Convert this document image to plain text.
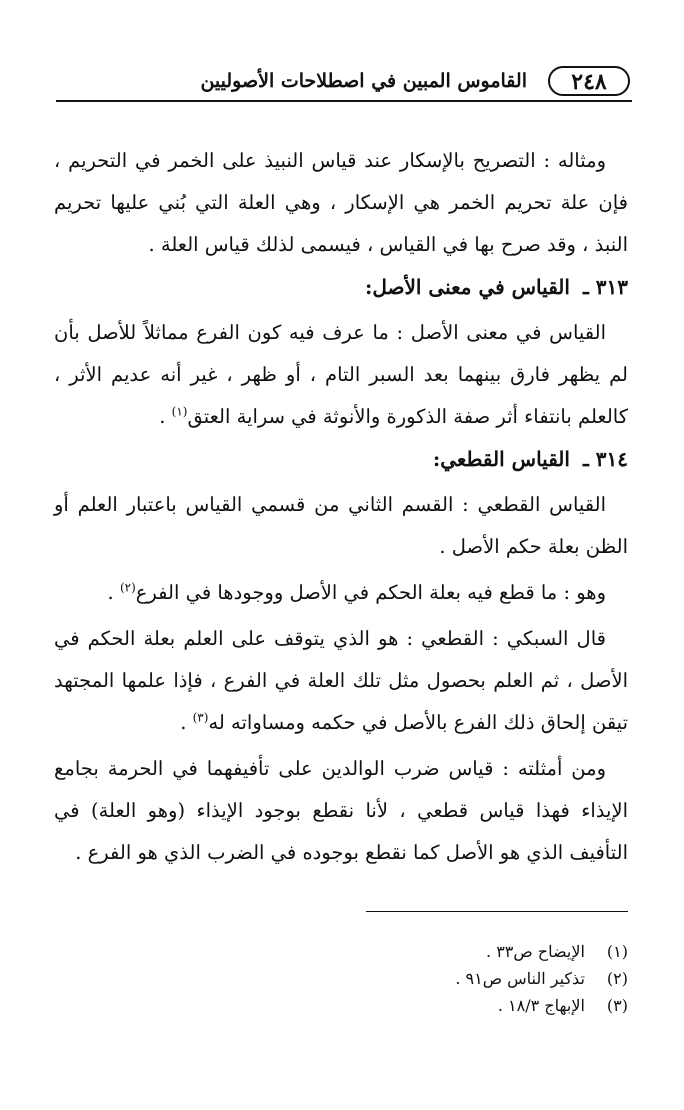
٢٤٨
القاموس المبين في اصطلاحات الأصوليين

ومثاله : التصريح بالإسكار عند قياس النبيذ على الخمر في التحريم ، فإن علة تحريم الخمر هي الإسكار ، وهي العلة التي بُني عليها تحريم النبذ ، وقد صرح بها في القياس ، فيسمى لذلك قياس العلة .

٣١٣ ـ القياس في معنى الأصل:

القياس في معنى الأصل : ما عرف فيه كون الفرع مماثلاً للأصل بأن لم يظهر فارق بينهما بعد السبر التام ، أو ظهر ، غير أنه عديم الأثر ، كالعلم بانتفاء أثر صفة الذكورة والأنوثة في سراية العتق$^{(١)}$ .

٣١٤ ـ القياس القطعي:

القياس القطعي : القسم الثاني من قسمي القياس باعتبار العلم أو الظن بعلة حكم الأصل .

وهو : ما قطع فيه بعلة الحكم في الأصل ووجودها في الفرع$^{(٢)}$ .

قال السبكي : القطعي : هو الذي يتوقف على العلم بعلة الحكم في الأصل ، ثم العلم بحصول مثل تلك العلة في الفرع ، فإذا علمها المجتهد تيقن إلحاق ذلك الفرع بالأصل في حكمه ومساواته له$^{(٣)}$ .

ومن أمثلته : قياس ضرب الوالدين على تأفيفهما في الحرمة بجامع الإيذاء فهذا قياس قطعي ، لأنا نقطع بوجود الإيذاء (وهو العلة) في التأفيف الذي هو الأصل كما نقطع بوجوده في الضرب الذي هو الفرع .

(١) الإيضاح ص٣٣ .
(٢) تذكير الناس ص٩١ .
(٣) الإبهاج ١٨/٣ .
